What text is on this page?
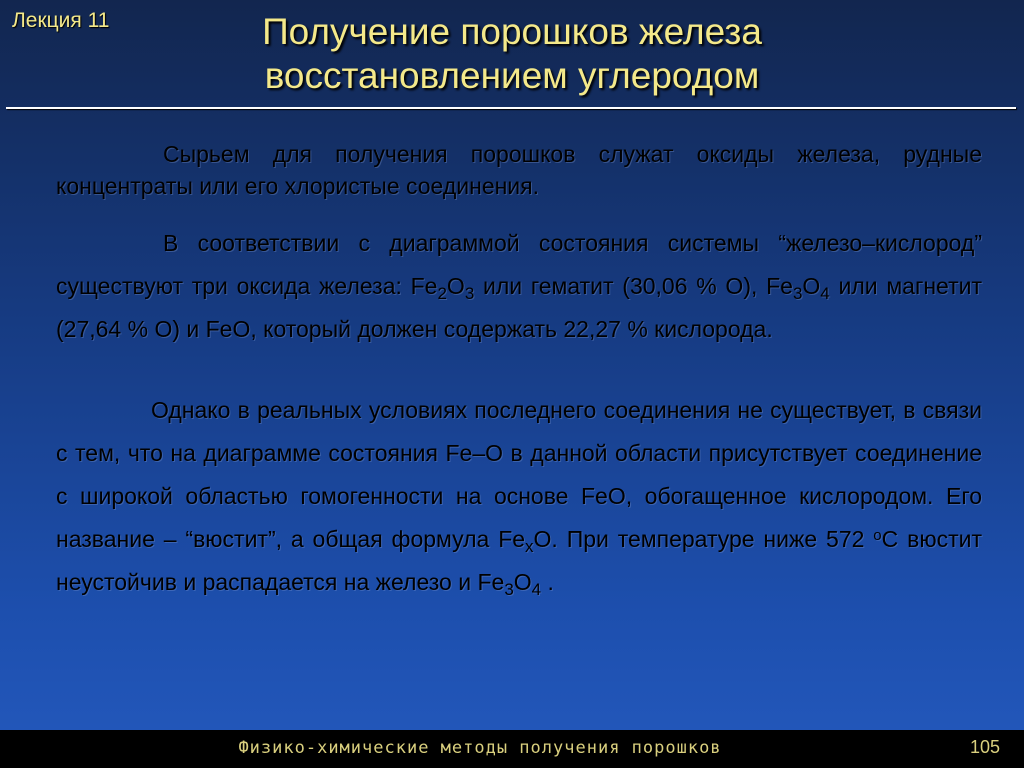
Лекция 11	Получение порошков железа
восстановлением углеродом

Сырьем для получения порошков служат оксиды железа, рудные концентраты или его хлористые соединения.

В соответствии с диаграммой состояния системы “железо–кислород” существуют три оксида железа: $Fe_2O_3$ или гематит (30,06 % O), $Fe_3O_4$ или магнетит (27,64 % O) и FeO, который должен содержать 22,27 % кислорода.

Однако в реальных условиях последнего соединения не существует, в связи с тем, что на диаграмме состояния Fe–O в данной области присутствует соединение с широкой областью гомогенности на основе FeO, обогащенное кислородом. Его название – “вюстит”, а общая формула $Fe_xO$. При температуре ниже 572 $^o$С вюстит неустойчив и распадается на железо и $Fe_3O_4$ .

Физико-химические методы получения порошков	105
